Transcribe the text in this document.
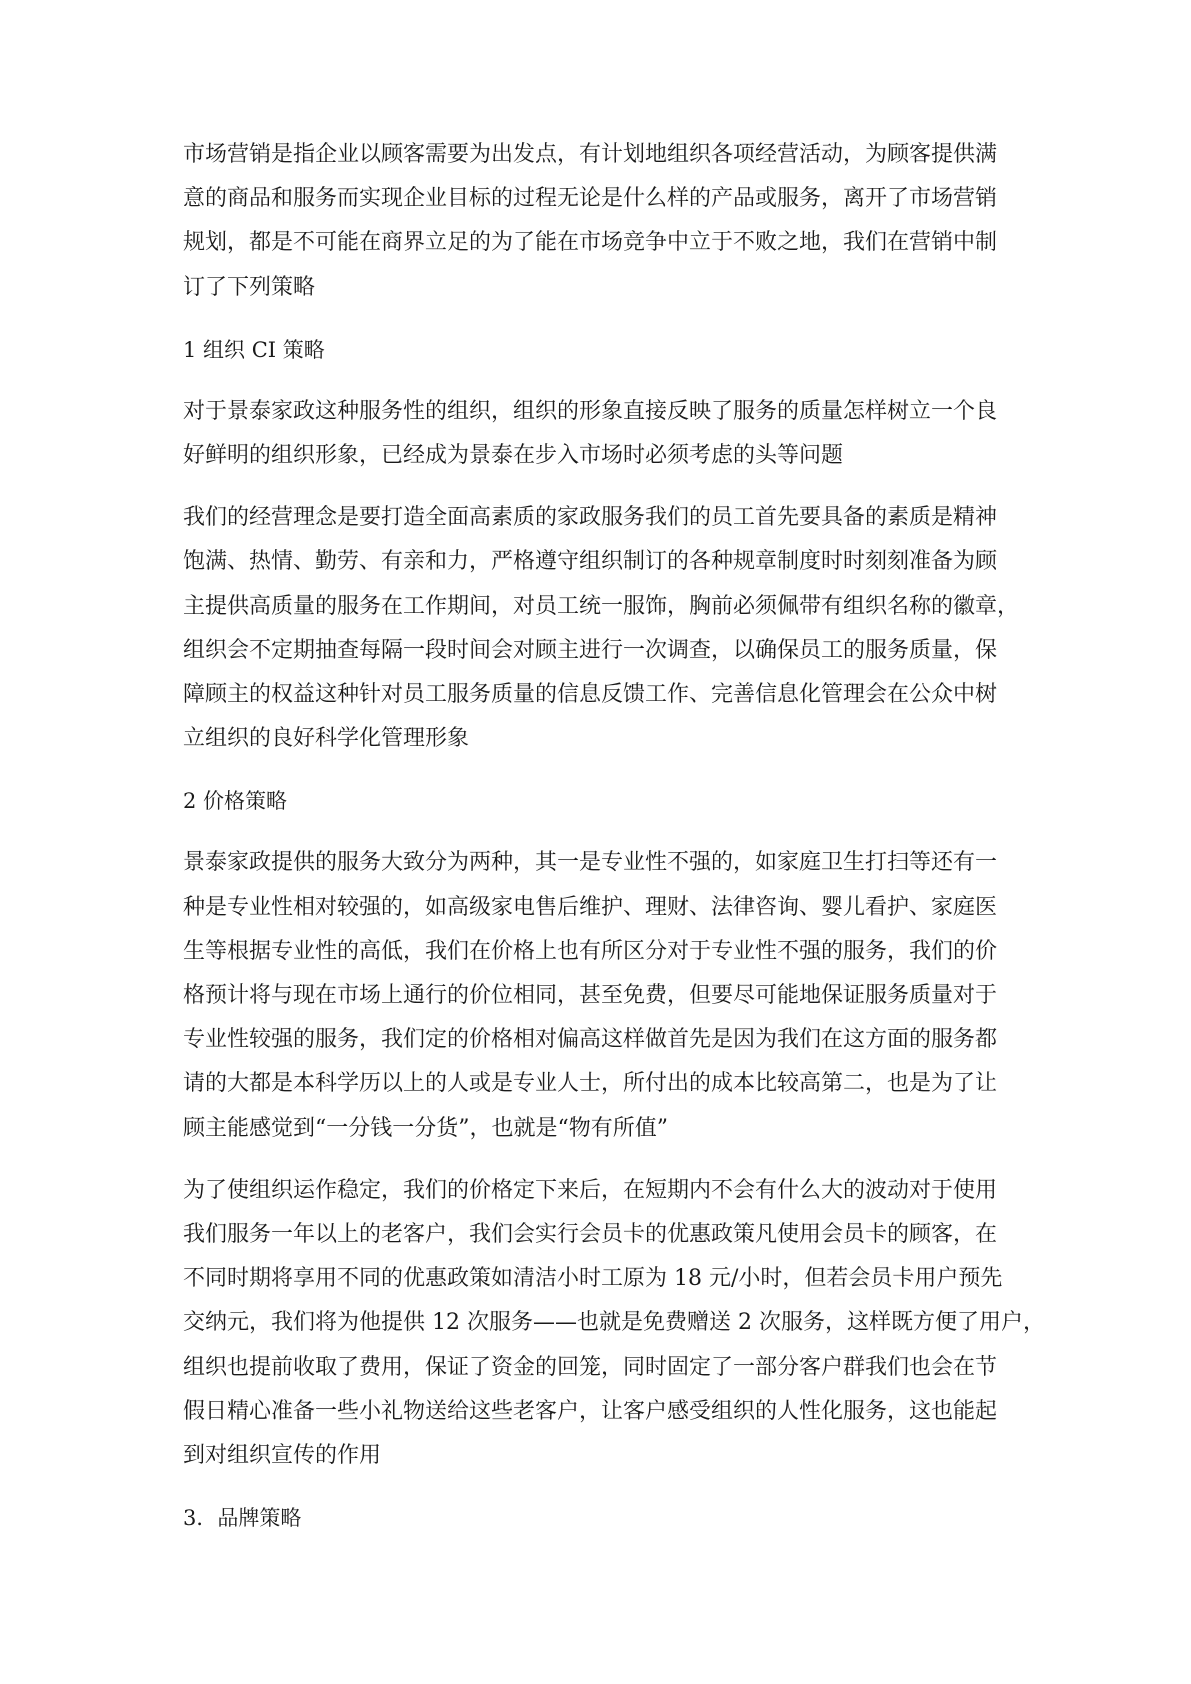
市场营销是指企业以顾客需要为出发点，有计划地组织各项经营活动，为顾客提供满
意的商品和服务而实现企业目标的过程无论是什么样的产品或服务，离开了市场营销
规划，都是不可能在商界立足的为了能在市场竞争中立于不败之地，我们在营销中制
订了下列策略

1 组织 CI 策略

对于景泰家政这种服务性的组织，组织的形象直接反映了服务的质量怎样树立一个良
好鲜明的组织形象，已经成为景泰在步入市场时必须考虑的头等问题

我们的经营理念是要打造全面高素质的家政服务我们的员工首先要具备的素质是精神
饱满、热情、勤劳、有亲和力，严格遵守组织制订的各种规章制度时时刻刻准备为顾
主提供高质量的服务在工作期间，对员工统一服饰，胸前必须佩带有组织名称的徽章，
组织会不定期抽查每隔一段时间会对顾主进行一次调查，以确保员工的服务质量，保
障顾主的权益这种针对员工服务质量的信息反馈工作、完善信息化管理会在公众中树
立组织的良好科学化管理形象

2 价格策略

景泰家政提供的服务大致分为两种，其一是专业性不强的，如家庭卫生打扫等还有一
种是专业性相对较强的，如高级家电售后维护、理财、法律咨询、婴儿看护、家庭医
生等根据专业性的高低，我们在价格上也有所区分对于专业性不强的服务，我们的价
格预计将与现在市场上通行的价位相同，甚至免费，但要尽可能地保证服务质量对于
专业性较强的服务，我们定的价格相对偏高这样做首先是因为我们在这方面的服务都
请的大都是本科学历以上的人或是专业人士，所付出的成本比较高第二，也是为了让
顾主能感觉到“一分钱一分货”，也就是“物有所值”

为了使组织运作稳定，我们的价格定下来后，在短期内不会有什么大的波动对于使用
我们服务一年以上的老客户，我们会实行会员卡的优惠政策凡使用会员卡的顾客，在
不同时期将享用不同的优惠政策如清洁小时工原为 18 元/小时，但若会员卡用户预先
交纳元，我们将为他提供 12 次服务——也就是免费赠送 2 次服务，这样既方便了用户，
组织也提前收取了费用，保证了资金的回笼，同时固定了一部分客户群我们也会在节
假日精心准备一些小礼物送给这些老客户，让客户感受组织的人性化服务，这也能起
到对组织宣传的作用

3．品牌策略
